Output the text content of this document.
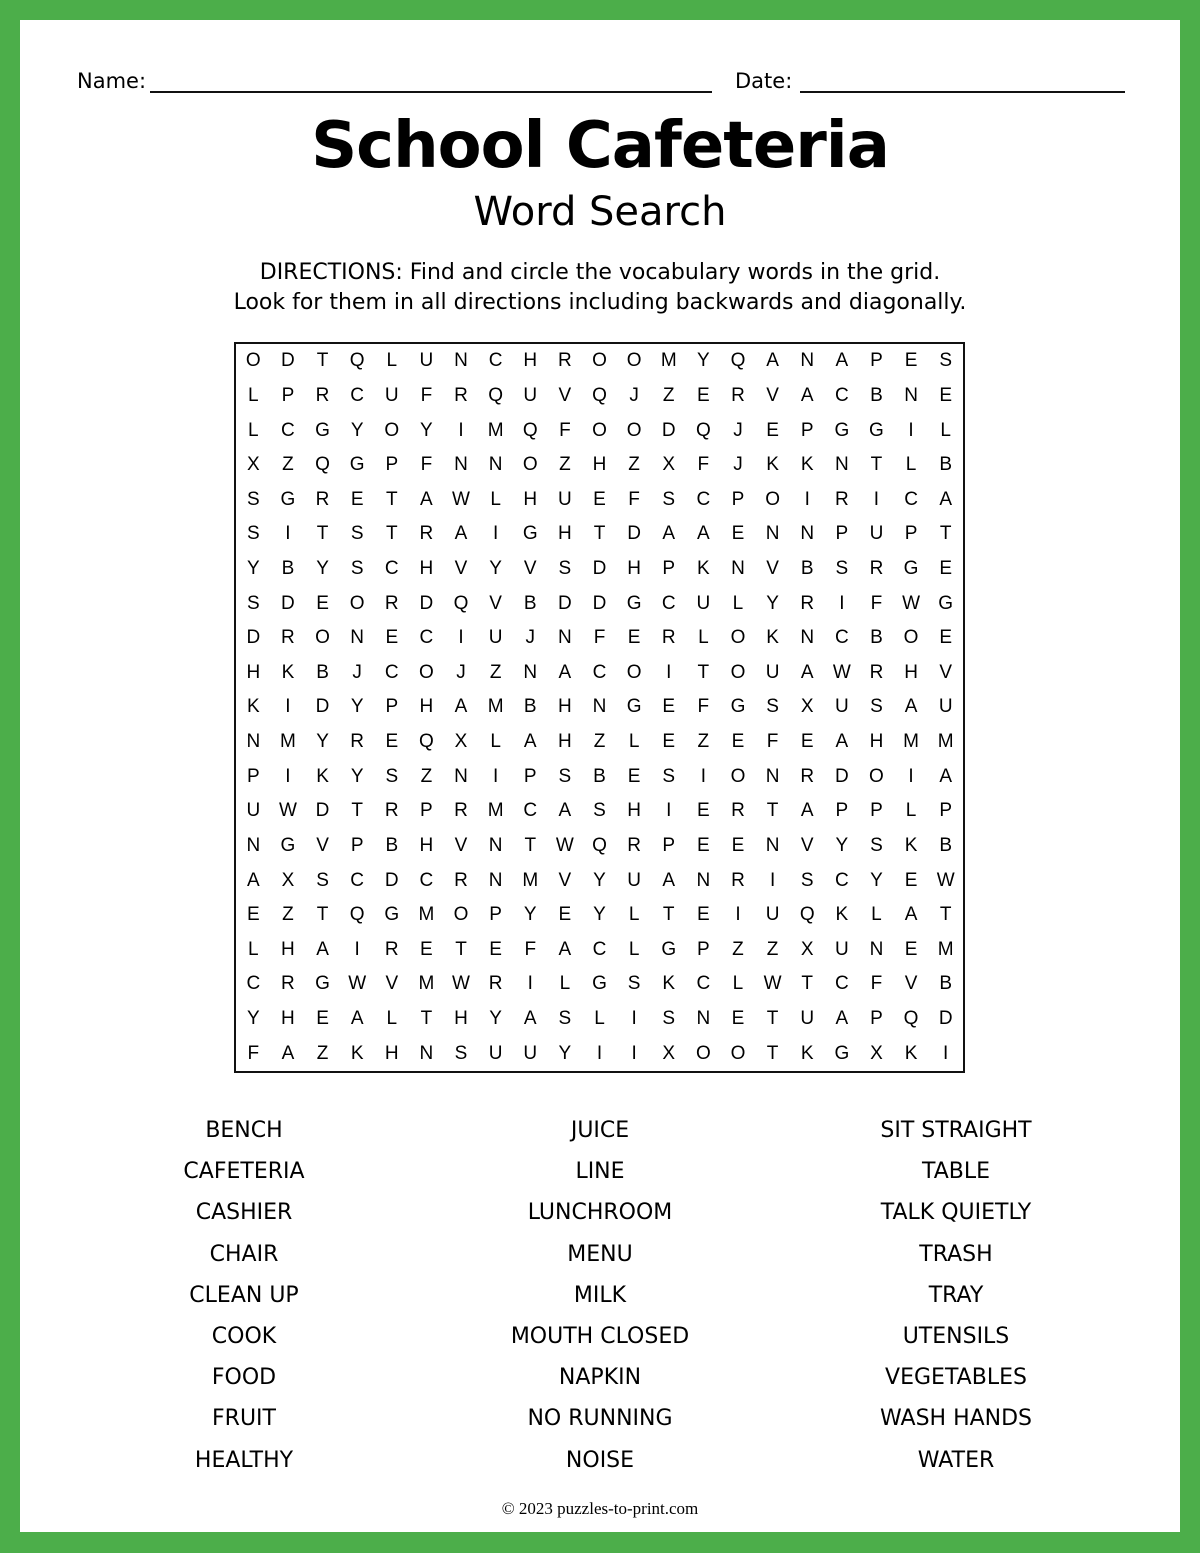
Name:	Date:
School Cafeteria
Word Search
DIRECTIONS: Find and circle the vocabulary words in the grid.
Look for them in all directions including backwards and diagonally.
O	D	T	Q	L	U	N	C	H	R	O	O	M	Y	Q	A	N	A	P	E	S
L	P	R	C	U	F	R	Q	U	V	Q	J	Z	E	R	V	A	C	B	N	E
L	C	G	Y	O	Y	I	M	Q	F	O	O	D	Q	J	E	P	G	G	I	L
X	Z	Q	G	P	F	N	N	O	Z	H	Z	X	F	J	K	K	N	T	L	B
S	G	R	E	T	A	W	L	H	U	E	F	S	C	P	O	I	R	I	C	A
S	I	T	S	T	R	A	I	G	H	T	D	A	A	E	N	N	P	U	P	T
Y	B	Y	S	C	H	V	Y	V	S	D	H	P	K	N	V	B	S	R	G	E
S	D	E	O	R	D	Q	V	B	D	D	G	C	U	L	Y	R	I	F	W G
D	R	O	N	E	C	I	U	J	N	F	E	R	L	O	K	N	C	B	O	E
H	K	B	J	C	O	J	Z	N	A	C	O	I	T	O	U	A	W R	H	V
K	I	D	Y	P	H	A	M	B	H	N	G	E	F	G	S	X	U	S	A	U
N	M	Y	R	E	Q	X	L	A	H	Z	L	E	Z	E	F	E	A	H	M M
P	I	K	Y	S	Z	N	I	P	S	B	E	S	I	O	N	R	D	O	I	A
U W D	T	R	P	R	M	C	A	S	H	I	E	R	T	A	P	P	L	P
N	G	V	P	B	H	V	N	T	W Q	R	P	E	E	N	V	Y	S	K	B
A	X	S	C	D	C	R	N	M	V	Y	U	A	N	R	I	S	C	Y	E	W
E	Z	T	Q	G	M	O	P	Y	E	Y	L	T	E	I	U	Q	K	L	A	T
L	H	A	I	R	E	T	E	F	A	C	L	G	P	Z	Z	X	U	N	E	M
C	R	G W	V	M W R	I	L	G	S	K	C	L	W	T	C	F	V	B
Y	H	E	A	L	T	H	Y	A	S	L	I	S	N	E	T	U	A	P	Q	D
F	A	Z	K	H	N	S	U	U	Y	I	I	X	O	O	T	K	G	X	K	I
BENCH
CAFETERIA
CASHIER
CHAIR
CLEAN UP
COOK
FOOD
FRUIT
HEALTHY
JUICE
LINE
LUNCHROOM
MENU
MILK
MOUTH CLOSED
NAPKIN
NO RUNNING
NOISE
SIT STRAIGHT
TABLE
TALK QUIETLY
TRASH
TRAY
UTENSILS
VEGETABLES
WASH HANDS
WATER
© 2023 puzzles-to-print.com
